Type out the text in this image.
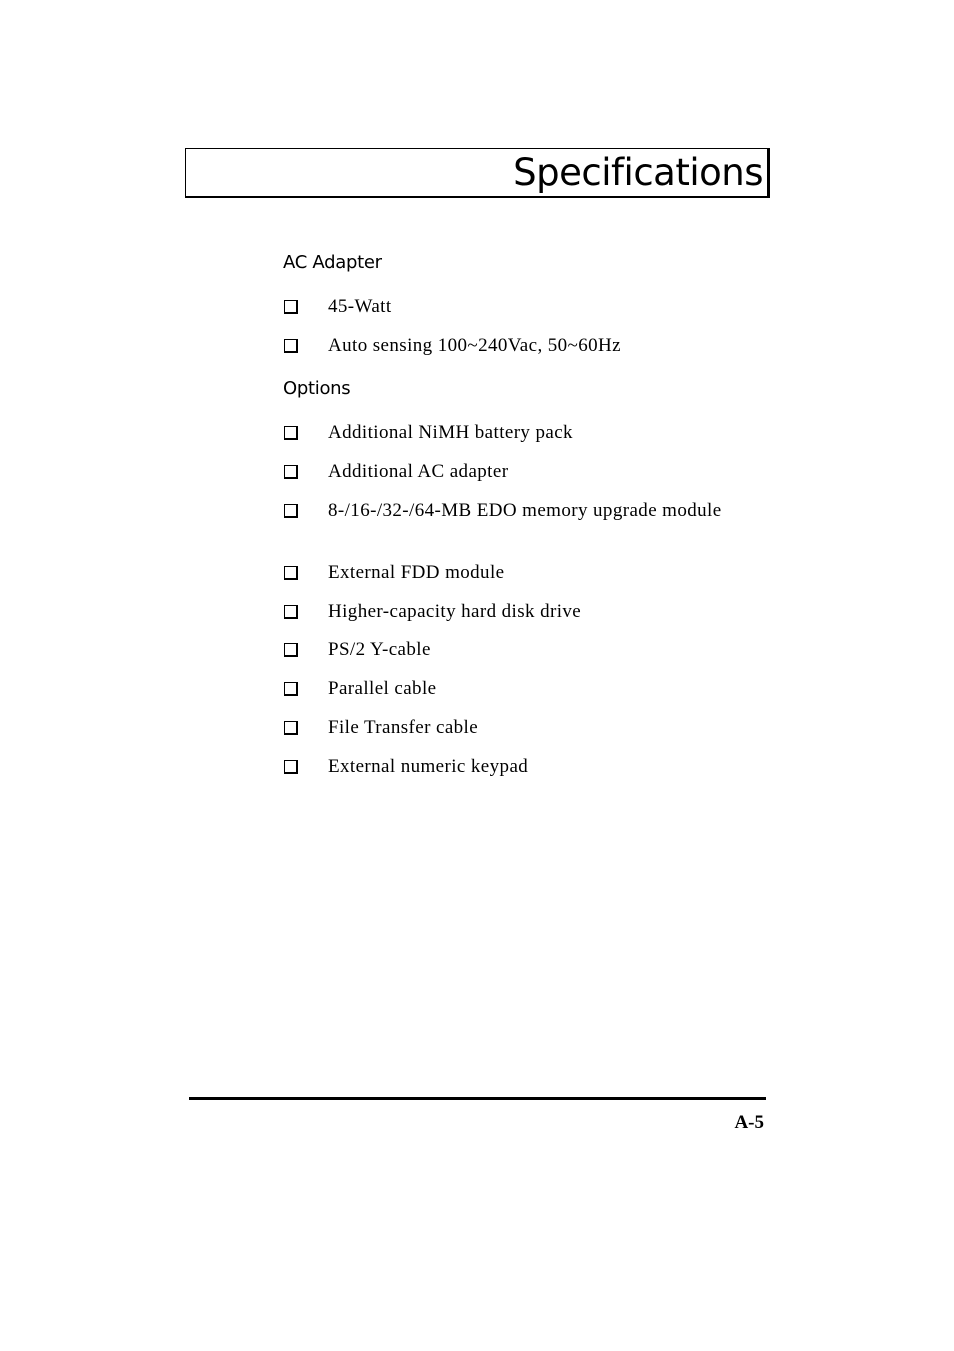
Specifications
AC Adapter
45-Watt
Auto sensing 100~240Vac, 50~60Hz
Options
Additional NiMH battery pack
Additional AC adapter
8-/16-/32-/64-MB EDO memory upgrade module
External FDD module
Higher-capacity hard disk drive
PS/2 Y-cable
Parallel cable
File Transfer cable
External numeric keypad

A-5
